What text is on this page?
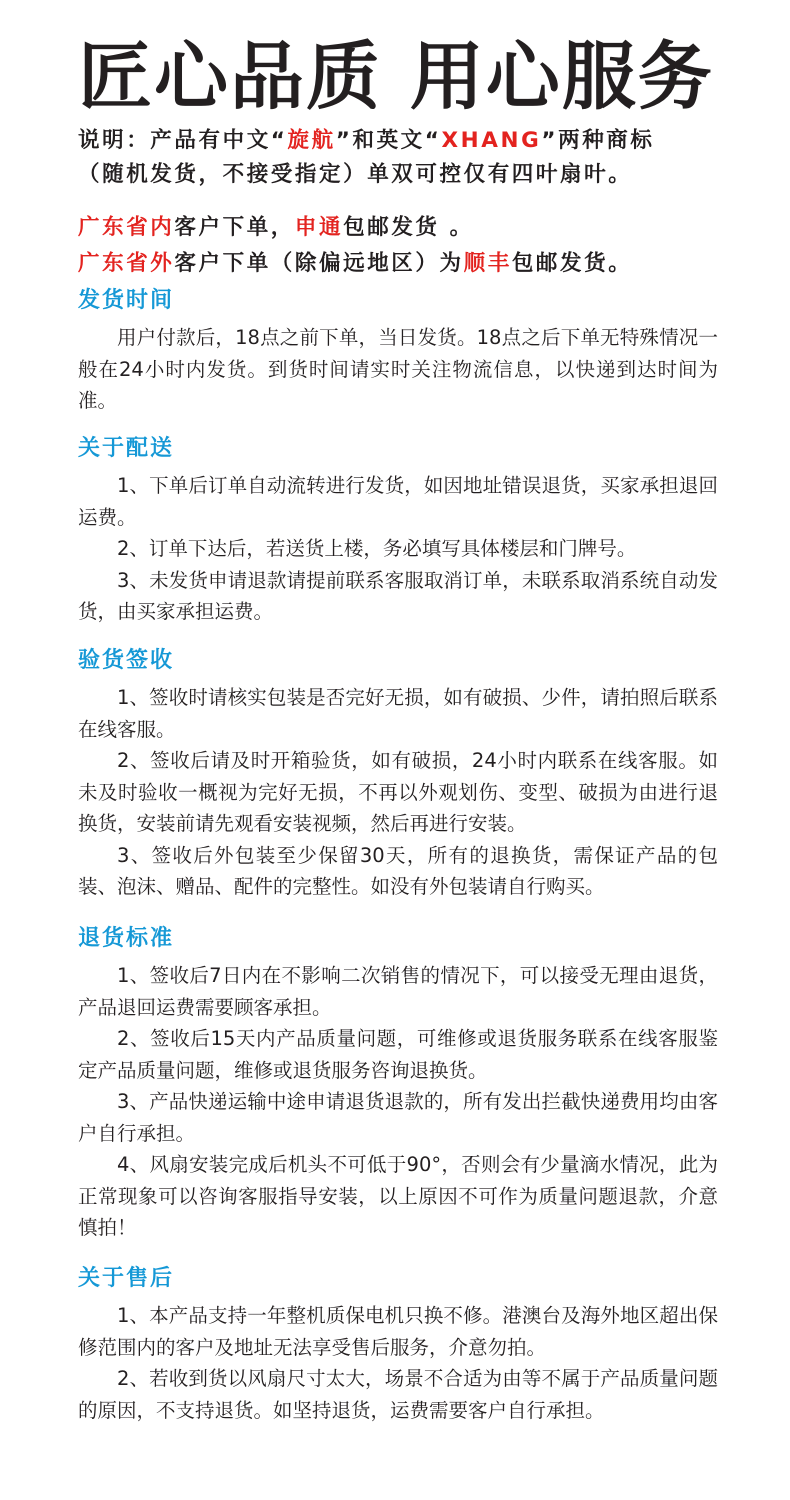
匠心品质 用心服务
说明：产品有中文“旋航”和英文“XHANG”两种商标
（随机发货，不接受指定）单双可控仅有四叶扇叶。
广东省内客户下单，申通包邮发货 。
广东省外客户下单（除偏远地区）为顺丰包邮发货。
发货时间

用户付款后，18点之前下单，当日发货。18点之后下单无特殊情况一般在24小时内发货。到货时间请实时关注物流信息，以快递到达时间为准。

关于配送

1、下单后订单自动流转进行发货，如因地址错误退货，买家承担退回运费。

2、订单下达后，若送货上楼，务必填写具体楼层和门牌号。

3、未发货申请退款请提前联系客服取消订单，未联系取消系统自动发货，由买家承担运费。

验货签收

1、签收时请核实包装是否完好无损，如有破损、少件，请拍照后联系在线客服。

2、签收后请及时开箱验货，如有破损，24小时内联系在线客服。如未及时验收一概视为完好无损，不再以外观划伤、变型、破损为由进行退换货，安装前请先观看安装视频，然后再进行安装。

3、签收后外包装至少保留30天，所有的退换货，需保证产品的包装、泡沫、赠品、配件的完整性。如没有外包装请自行购买。

退货标准

1、签收后7日内在不影响二次销售的情况下，可以接受无理由退货，产品退回运费需要顾客承担。

2、签收后15天内产品质量问题，可维修或退货服务联系在线客服鉴定产品质量问题，维修或退货服务咨询退换货。

3、产品快递运输中途申请退货退款的，所有发出拦截快递费用均由客户自行承担。

4、风扇安装完成后机头不可低于90°，否则会有少量滴水情况，此为正常现象可以咨询客服指导安装，以上原因不可作为质量问题退款，介意慎拍！

关于售后

1、本产品支持一年整机质保电机只换不修。港澳台及海外地区超出保修范围内的客户及地址无法享受售后服务，介意勿拍。

2、若收到货以风扇尺寸太大，场景不合适为由等不属于产品质量问题的原因，不支持退货。如坚持退货，运费需要客户自行承担。
